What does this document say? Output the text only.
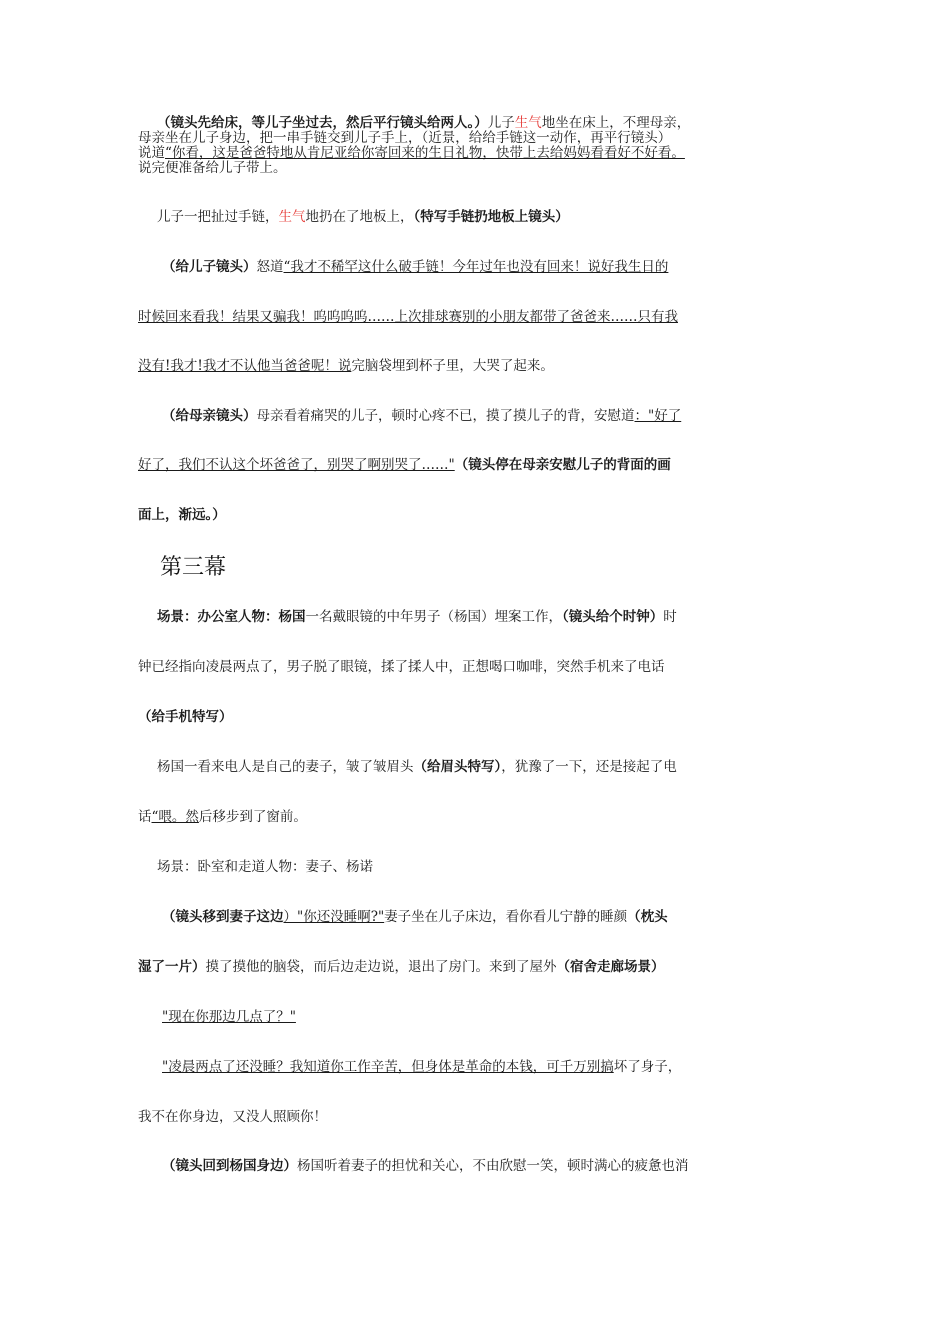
（镜头先给床，等儿子坐过去，然后平行镜头给两人。）儿子生气地坐在床上，不理母亲，
母亲坐在儿子身边，把一串手链交到儿子手上，（近景，给给手链这一动作，再平行镜头）
说道“你看，这是爸爸特地从肯尼亚给你寄回来的生日礼物，快带上去给妈妈看看好不好看。
说完便准备给儿子带上。
儿子一把扯过手链，生气地扔在了地板上，（特写手链扔地板上镜头）
（给儿子镜头）怒道“我才不稀罕这什么破手链！今年过年也没有回来！说好我生日的
时候回来看我！结果又骗我！呜呜呜呜……上次排球赛别的小朋友都带了爸爸来……只有我
没有!我才!我才不认他当爸爸呢！说完脑袋埋到杯子里，大哭了起来。
（给母亲镜头）母亲看着痛哭的儿子，顿时心疼不已，摸了摸儿子的背，安慰道："好了
好了，我们不认这个坏爸爸了，别哭了啊别哭了……"（镜头停在母亲安慰儿子的背面的画
面上，渐远。）
第三幕
场景：办公室人物：杨国一名戴眼镜的中年男子（杨国）埋案工作，（镜头给个时钟）时
钟已经指向凌晨两点了，男子脱了眼镜，揉了揉人中，正想喝口咖啡，突然手机来了电话
（给手机特写）
杨国一看来电人是自己的妻子，皱了皱眉头（给眉头特写），犹豫了一下，还是接起了电
话“喂。然后移步到了窗前。
场景：卧室和走道人物：妻子、杨诺
（镜头移到妻子这边）"你还没睡啊?"妻子坐在儿子床边，看你看儿宁静的睡颜（枕头
湿了一片）摸了摸他的脑袋，而后边走边说，退出了房门。来到了屋外（宿舍走廊场景）
"现在你那边几点了？"
"凌晨两点了还没睡？我知道你工作辛苦，但身体是革命的本钱，可千万别搞坏了身子，
我不在你身边，又没人照顾你！
（镜头回到杨国身边）杨国听着妻子的担忧和关心，不由欣慰一笑，顿时满心的疲惫也消
